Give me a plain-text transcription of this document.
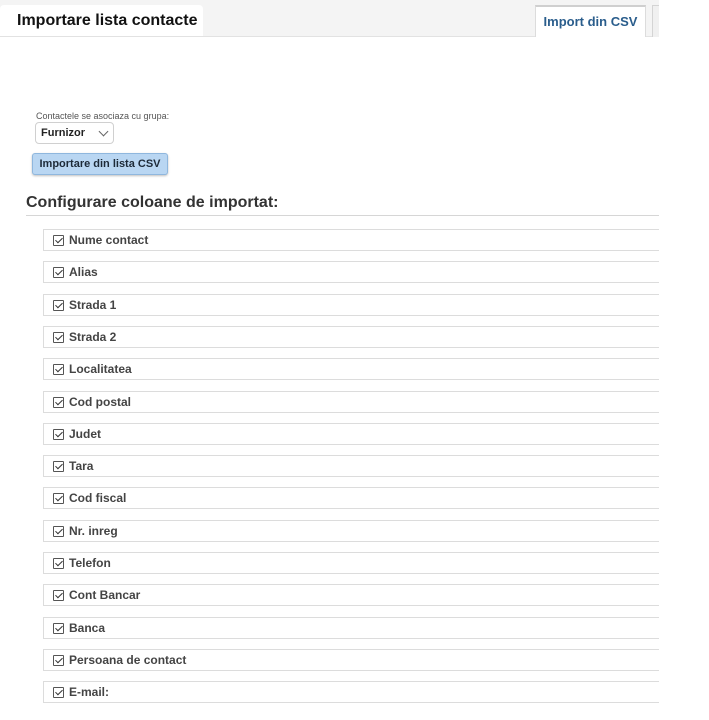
Importare lista contacte	Import din CSV
Contactele se asociaza cu grupa:
Furnizor
Importare din lista CSV
Configurare coloane de importat:
Nume contact
Alias
Strada 1
Strada 2
Localitatea
Cod postal
Judet
Tara
Cod fiscal
Nr. inreg
Telefon
Cont Bancar
Banca
Persoana de contact
E-mail:
